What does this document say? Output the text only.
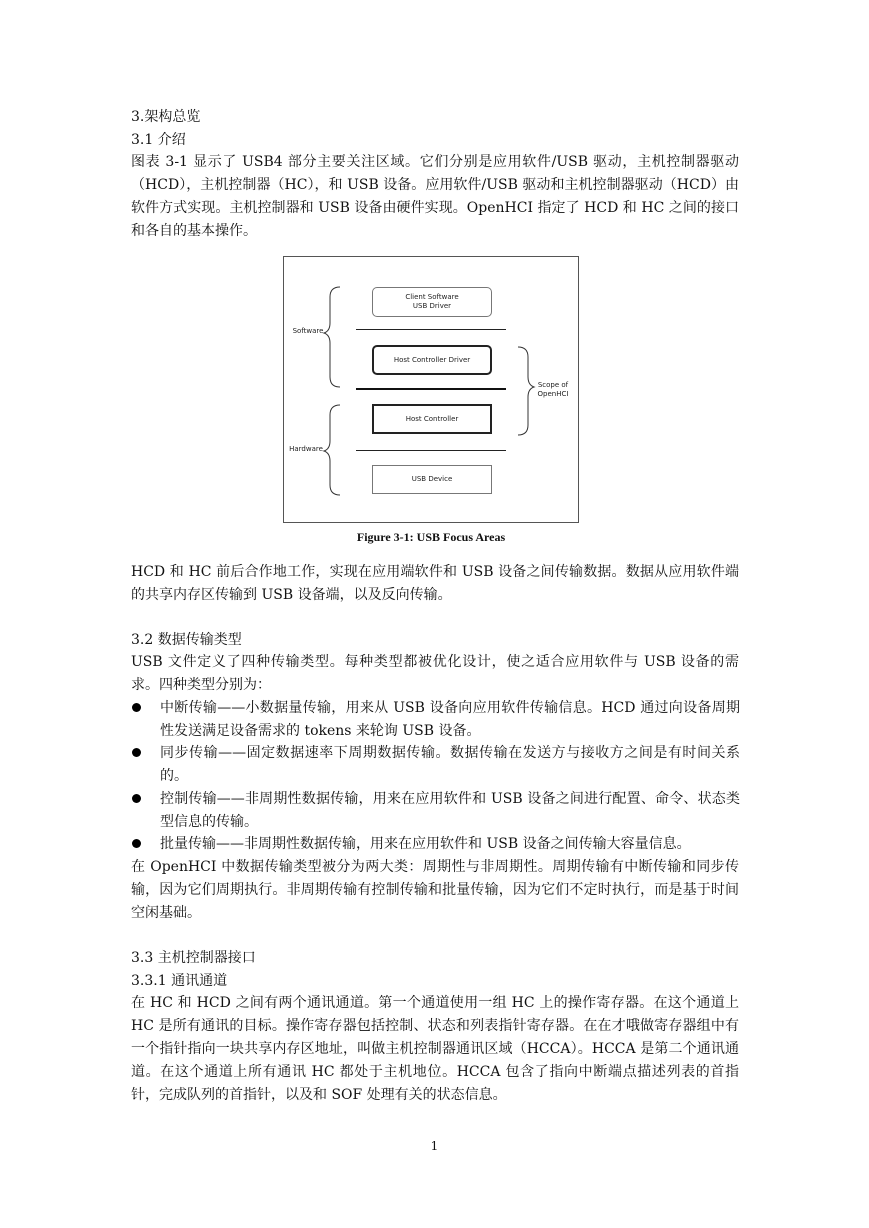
3.架构总览
3.1 介绍
图表 3-1 显示了 USB4 部分主要关注区域。它们分别是应用软件/USB 驱动，主机控制器驱动（HCD），主机控制器（HC），和 USB 设备。应用软件/USB 驱动和主机控制器驱动（HCD）由软件方式实现。主机控制器和 USB 设备由硬件实现。OpenHCI 指定了 HCD 和 HC 之间的接口和各自的基本操作。
Software
Hardware
Client Software
USB Driver
Host Controller Driver
Host Controller
USB Device
Scope of
OpenHCI
Figure 3-1: USB Focus Areas
HCD 和 HC 前后合作地工作，实现在应用端软件和 USB 设备之间传输数据。数据从应用软件端的共享内存区传输到 USB 设备端，以及反向传输。
3.2 数据传输类型
USB 文件定义了四种传输类型。每种类型都被优化设计，使之适合应用软件与 USB 设备的需求。四种类型分别为：
中断传输——小数据量传输，用来从 USB 设备向应用软件传输信息。HCD 通过向设备周期性发送满足设备需求的 tokens 来轮询 USB 设备。
同步传输——固定数据速率下周期数据传输。数据传输在发送方与接收方之间是有时间关系的。
控制传输——非周期性数据传输，用来在应用软件和 USB 设备之间进行配置、命令、状态类型信息的传输。
批量传输——非周期性数据传输，用来在应用软件和 USB 设备之间传输大容量信息。
在 OpenHCI 中数据传输类型被分为两大类：周期性与非周期性。周期传输有中断传输和同步传输，因为它们周期执行。非周期传输有控制传输和批量传输，因为它们不定时执行，而是基于时间空闲基础。
3.3 主机控制器接口
3.3.1 通讯通道
在 HC 和 HCD 之间有两个通讯通道。第一个通道使用一组 HC 上的操作寄存器。在这个通道上 HC 是所有通讯的目标。操作寄存器包括控制、状态和列表指针寄存器。在在才哦做寄存器组中有一个指针指向一块共享内存区地址，叫做主机控制器通讯区域（HCCA）。HCCA 是第二个通讯通道。在这个通道上所有通讯 HC 都处于主机地位。HCCA 包含了指向中断端点描述列表的首指针，完成队列的首指针，以及和 SOF 处理有关的状态信息。
1
